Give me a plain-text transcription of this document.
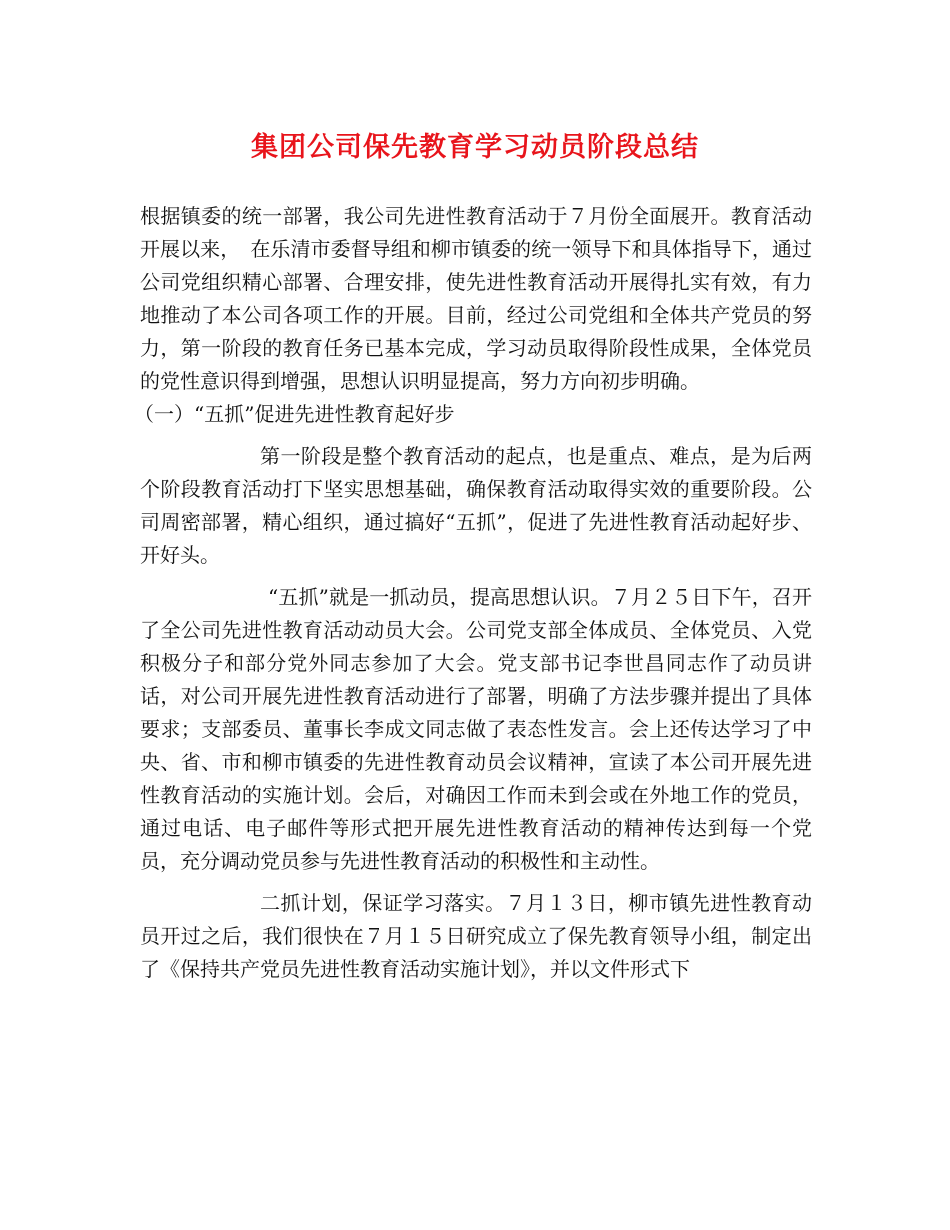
集团公司保先教育学习动员阶段总结

根据镇委的统一部署，我公司先进性教育活动于７月份全面展开。教育活动开展以来，　在乐清市委督导组和柳市镇委的统一领导下和具体指导下，通过公司党组织精心部署、合理安排，使先进性教育活动开展得扎实有效，有力地推动了本公司各项工作的开展。目前，经过公司党组和全体共产党员的努力，第一阶段的教育任务已基本完成，学习动员取得阶段性成果，全体党员的党性意识得到增强，思想认识明显提高，努力方向初步明确。

（一）“五抓”促进先进性教育起好步

第一阶段是整个教育活动的起点，也是重点、难点，是为后两个阶段教育活动打下坚实思想基础，确保教育活动取得实效的重要阶段。公司周密部署，精心组织，通过搞好“五抓”，促进了先进性教育活动起好步、开好头。

“五抓”就是一抓动员，提高思想认识。７月２５日下午，召开了全公司先进性教育活动动员大会。公司党支部全体成员、全体党员、入党积极分子和部分党外同志参加了大会。党支部书记李世昌同志作了动员讲话，对公司开展先进性教育活动进行了部署，明确了方法步骤并提出了具体要求；支部委员、董事长李成文同志做了表态性发言。会上还传达学习了中央、省、市和柳市镇委的先进性教育动员会议精神，宣读了本公司开展先进性教育活动的实施计划。会后，对确因工作而未到会或在外地工作的党员，通过电话、电子邮件等形式把开展先进性教育活动的精神传达到每一个党员，充分调动党员参与先进性教育活动的积极性和主动性。

二抓计划，保证学习落实。７月１３日，柳市镇先进性教育动员开过之后，我们很快在７月１５日研究成立了保先教育领导小组，制定出了《保持共产党员先进性教育活动实施计划》，并以文件形式下
